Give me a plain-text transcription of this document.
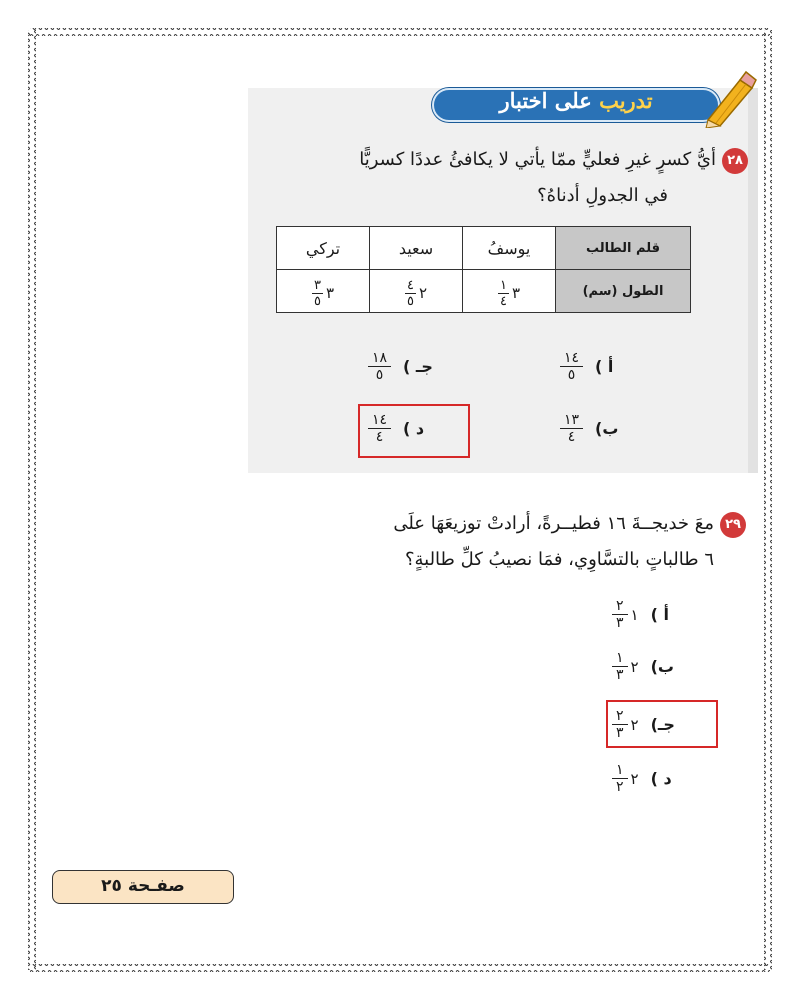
تدريب على اختبار
٢٨
أيُّ كسرٍ غيرِ فعليٍّ ممّا يأتي لا يكافئُ عددًا كسريًّا
في الجدولِ أدناهُ؟
قلم الطالب	يوسفُ	سعيد	تركي
الطول (سم)	$\frac{١}{٤}$ ٣	$\frac{٤}{٥}$ ٢	$\frac{٣}{٥}$ ٣
أ )
$\frac{١٤}{٥}$
ب)
$\frac{١٣}{٤}$
جـ )
$\frac{١٨}{٥}$
د )
$\frac{١٤}{٤}$
٢٩
معَ خديجــةَ ١٦ فطيــرةً، أرادتْ توزيعَهَا علَى
٦ طالباتٍ بالتسَّاوِي، فمَا نصيبُ كلِّ طالبةٍ؟
أ )
$\frac{٢}{٣}$ ١
ب)
$\frac{١}{٣}$ ٢
جـ)
$\frac{٢}{٣}$ ٢
د )
$\frac{١}{٢}$ ٢
صفـحة ٢٥
